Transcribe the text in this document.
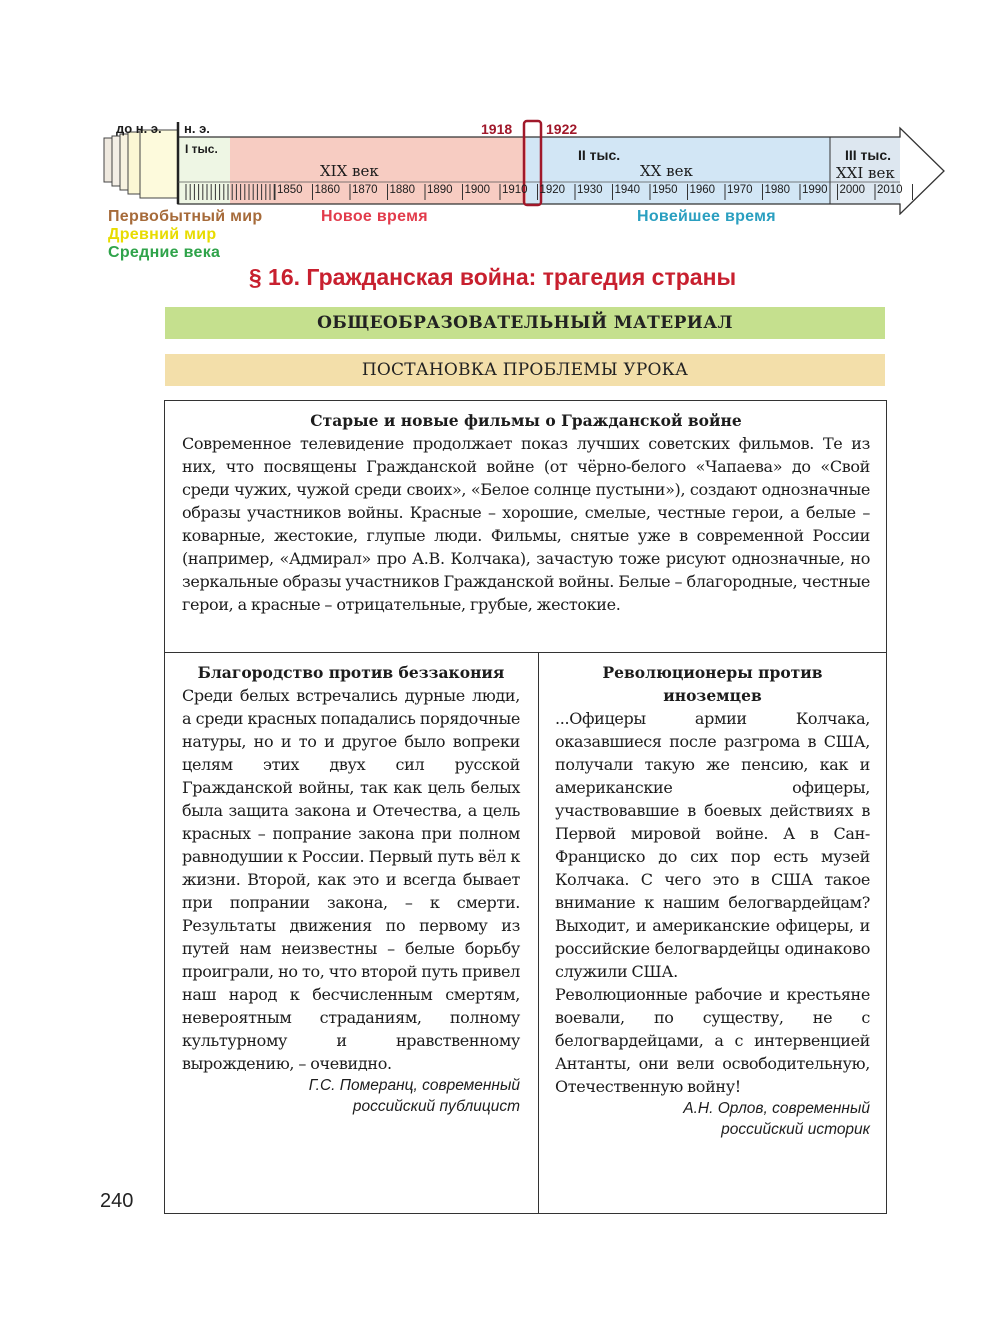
до н. э. н. э.	1918 1922
I тыс.	II тыс.	III тыс.
XIX век	XX век	XXI век
1850 1860 1870 1880 1890 1900 1910 1920 1930 1940 1950 1960 1970 1980 1990 2000 2010
Первобытный мир
Древний мир
Средние века
Новое время	Новейшее время
§ 16. Гражданская война: трагедия страны
ОБЩЕОБРАЗОВАТЕЛЬНЫЙ МАТЕРИАЛ
ПОСТАНОВКА ПРОБЛЕМЫ УРОКА
Старые и новые фильмы о Гражданской войне
Современное телевидение продолжает показ лучших советских фильмов. Те из них, что посвящены Гражданской войне (от чёрно-белого «Чапаева» до «Свой среди чужих, чужой среди своих», «Белое солнце пустыни»), создают однозначные образы участников войны. Красные – хорошие, смелые, честные герои, а белые – коварные, жестокие, глупые люди. Фильмы, снятые уже в современной России (например, «Адмирал» про А.В. Колчака), зачастую тоже рисуют однозначные, но зеркальные образы участников Гражданской войны. Белые – благородные, честные герои, а красные – отрицательные, грубые, жестокие.
Благородство против беззакония
Среди белых встречались дурные люди, а среди красных попадались порядочные натуры, но и то и другое было вопреки целям этих двух сил русской Гражданской войны, так как цель белых была защита закона и Отечества, а цель красных – попрание закона при полном равнодушии к России. Первый путь вёл к жизни. Второй, как это и всегда бывает при попрании закона, – к смерти. Результаты движения по первому из путей нам неизвестны – белые борьбу проиграли, но то, что второй путь привел наш народ к бесчисленным смертям, невероятным страданиям, полному культурному и нравственному вырождению, – очевидно.
Г.С. Померанц, современный
российский публицист
Революционеры против иноземцев
...Офицеры армии Колчака, оказавшиеся после разгрома в США, получали такую же пенсию, как и американские офицеры, участвовавшие в боевых действиях в Первой мировой войне. А в Сан-Франциско до сих пор есть музей Колчака. С чего это в США такое внимание к нашим белогвардейцам? Выходит, и американские офицеры, и российские белогвардейцы одинаково служили США.
Революционные рабочие и крестьяне воевали, по существу, не с белогвардейцами, а с интервенцией Антанты, они вели освободительную, Отечественную войну!
А.Н. Орлов, современный
российский историк
240
